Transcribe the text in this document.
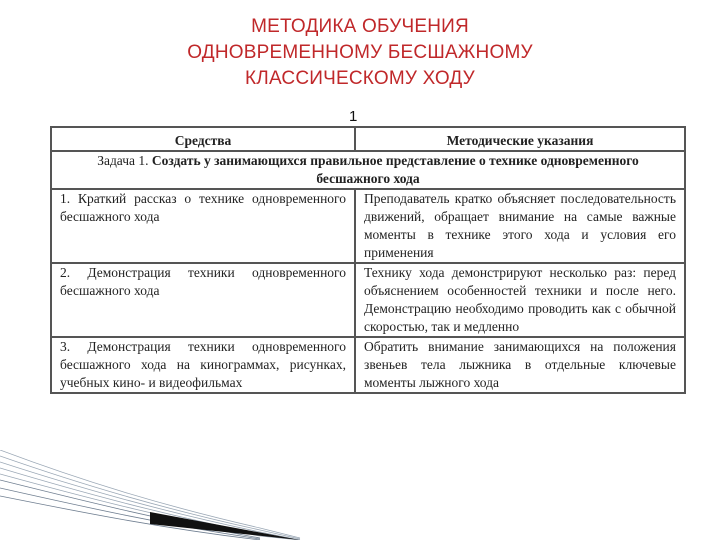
МЕТОДИКА ОБУЧЕНИЯ
ОДНОВРЕМЕННОМУ БЕСШАЖНОМУ
КЛАССИЧЕСКОМУ ХОДУ
1
Средства	Методические указания
Задача 1. Создать у занимающихся правильное представление о технике одновременного бесшажного хода	
1. Краткий рассказ о технике одновременного бесшажного хода	Преподаватель кратко объясняет последовательность движений, обращает внимание на самые важные моменты в технике этого хода и условия его применения
2. Демонстрация техники одновременного бесшажного хода	Технику хода демонстрируют несколько раз: перед объяснением особенностей техники и после него. Демонстрацию необходимо проводить как с обычной скоростью, так и медленно
3. Демонстрация техники одновременного бесшажного хода на кинограммах, рисунках, учебных кино- и видеофильмах	Обратить внимание занимающихся на положения звеньев тела лыжника в отдельные ключевые моменты лыжного хода
